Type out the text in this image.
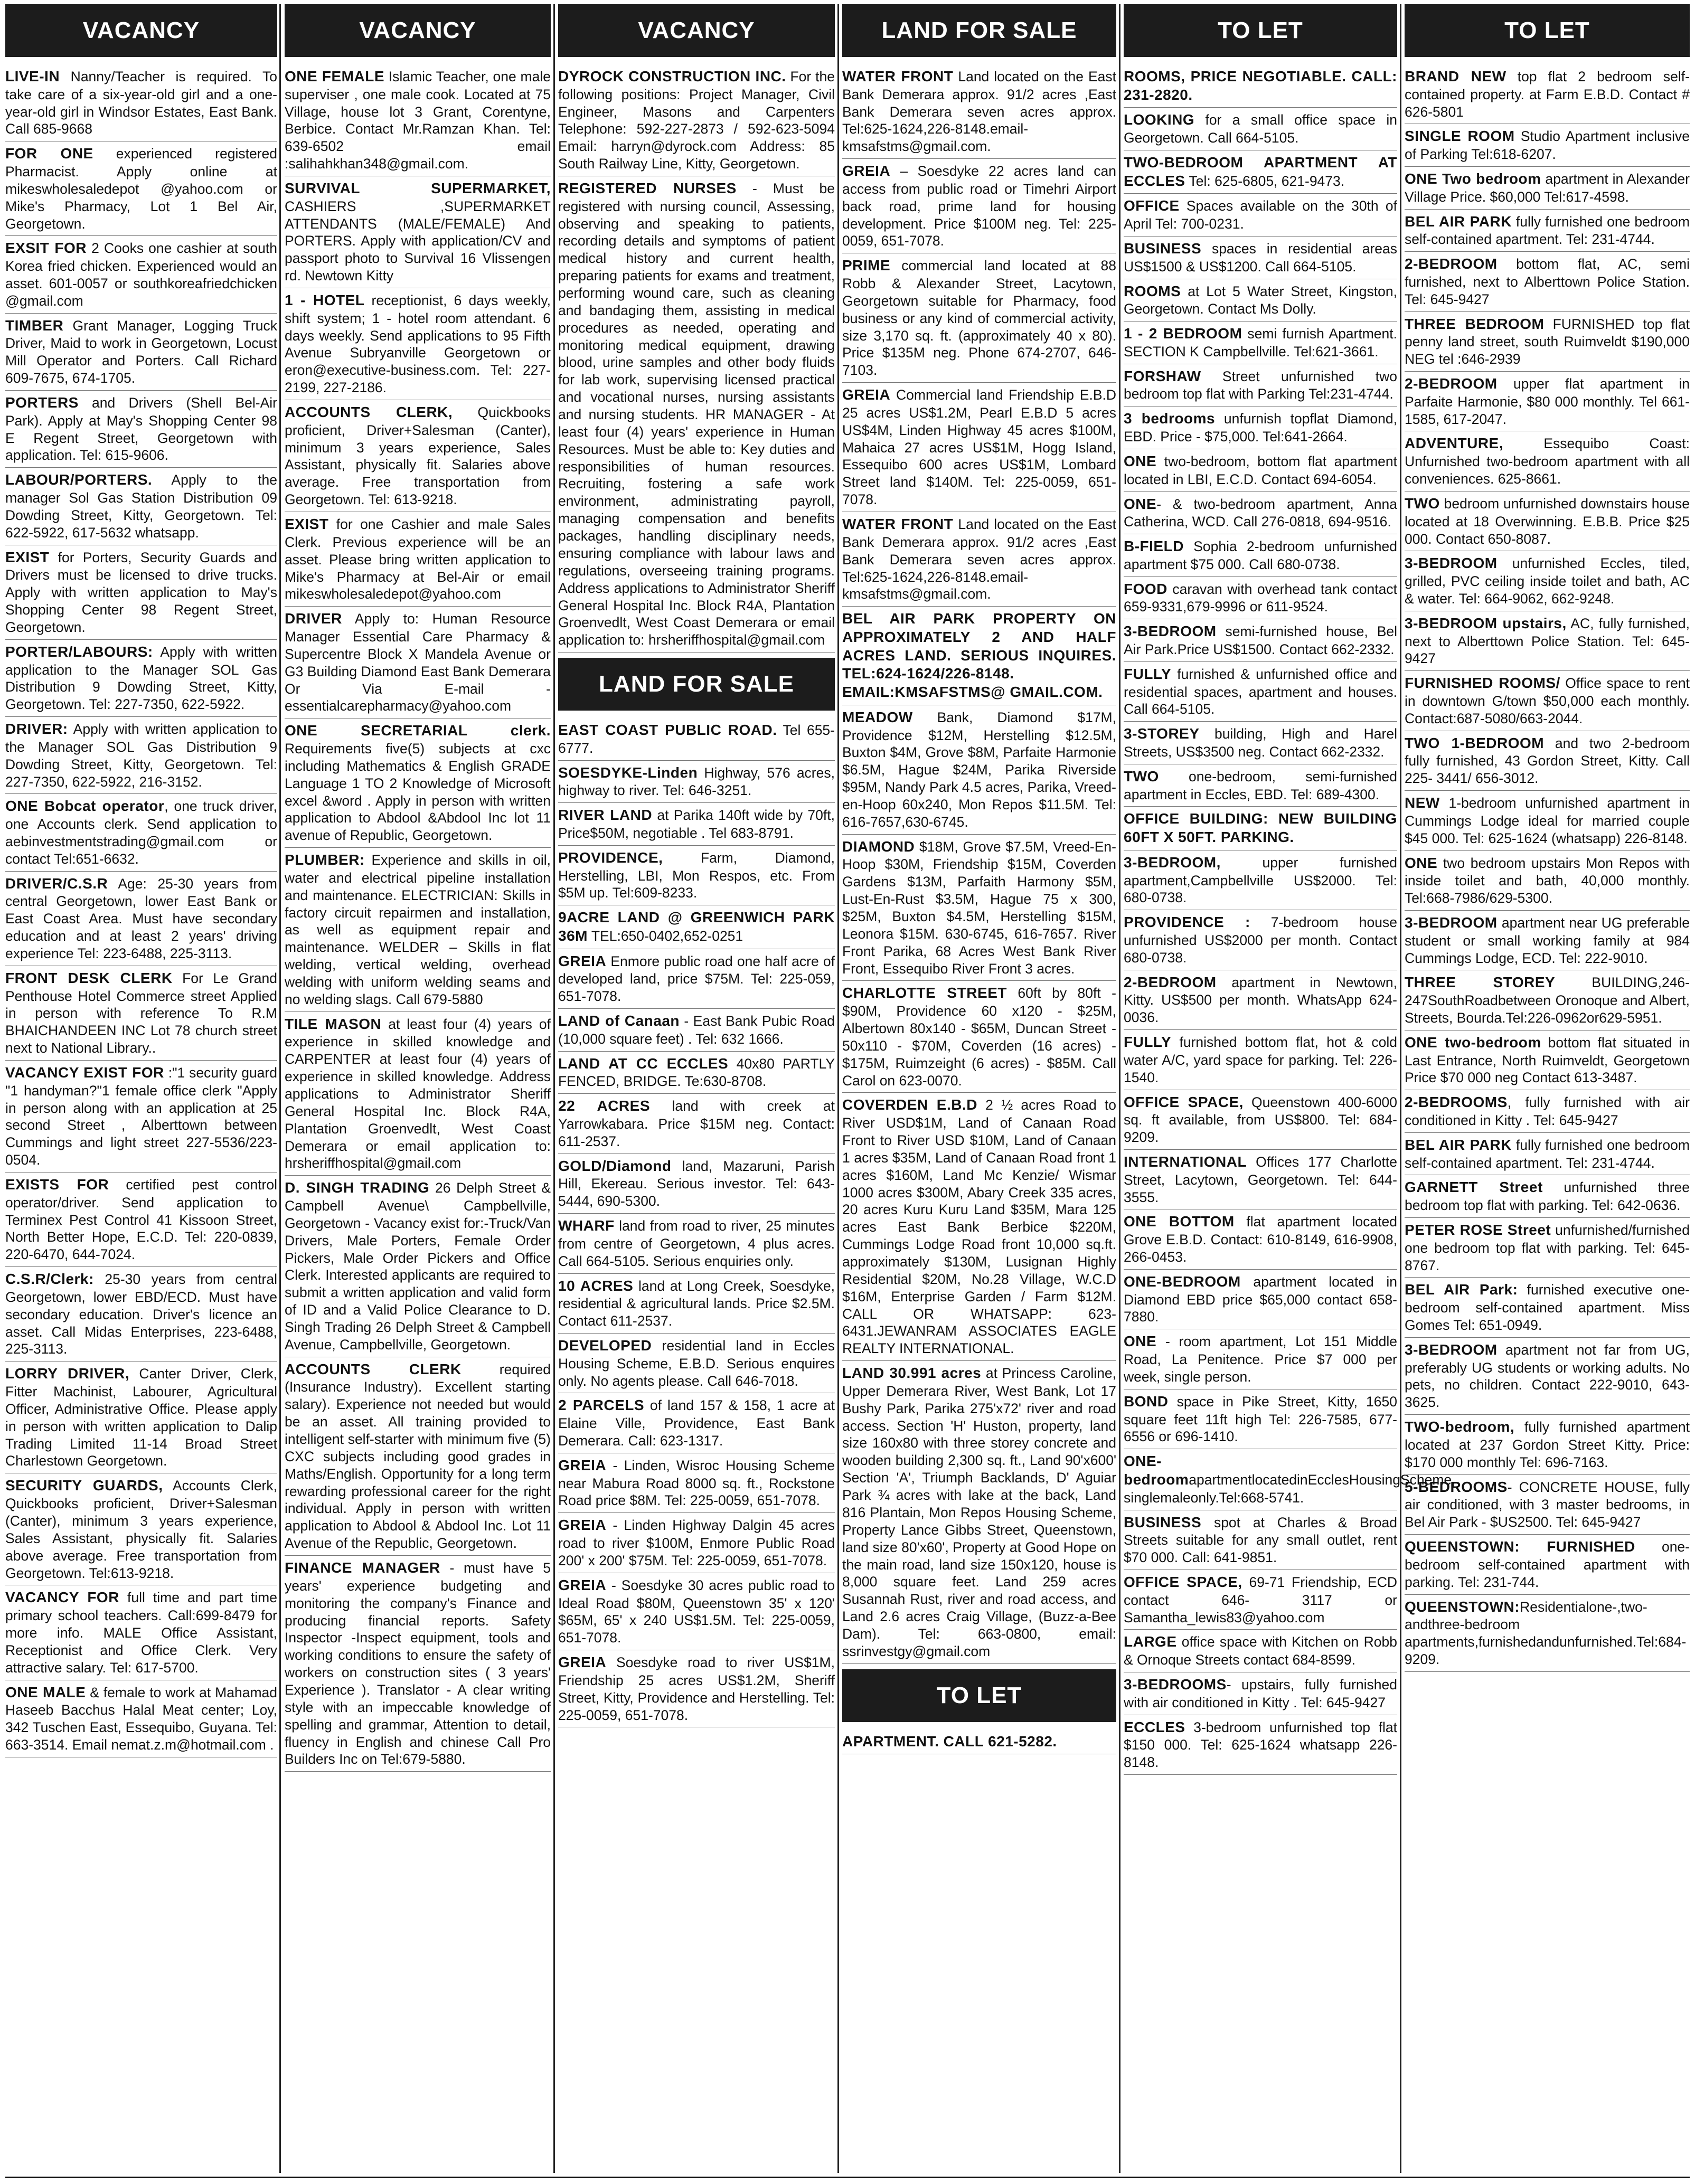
VACANCY

LIVE-IN Nanny/Teacher is required. To take care of a six-year-old girl and a one-year-old girl in Windsor Estates, East Bank. Call 685-9668

FOR ONE experienced registered Pharmacist. Apply online at mikeswholesaledepot @yahoo.com or Mike's Pharmacy, Lot 1 Bel Air, Georgetown.

EXSIT FOR 2 Cooks one cashier at south Korea fried chicken. Experienced would an asset. 601-0057 or southkoreafriedchicken @gmail.com

TIMBER Grant Manager, Logging Truck Driver, Maid to work in Georgetown, Locust Mill Operator and Porters. Call Richard 609-7675, 674-1705.

PORTERS and Drivers (Shell Bel-Air Park). Apply at May's Shopping Center 98 E Regent Street, Georgetown with application. Tel: 615-9606.

LABOUR/PORTERS. Apply to the manager Sol Gas Station Distribution 09 Dowding Street, Kitty, Georgetown. Tel: 622-5922, 617-5632 whatsapp.

EXIST for Porters, Security Guards and Drivers must be licensed to drive trucks. Apply with written application to May's Shopping Center 98 Regent Street, Georgetown.

PORTER/LABOURS: Apply with written application to the Manager SOL Gas Distribution 9 Dowding Street, Kitty, Georgetown. Tel: 227-7350, 622-5922.

DRIVER: Apply with written application to the Manager SOL Gas Distribution 9 Dowding Street, Kitty, Georgetown. Tel: 227-7350, 622-5922, 216-3152.

ONE Bobcat operator, one truck driver, one Accounts clerk. Send application to aebinvestmentstrading@gmail.com or contact Tel:651-6632.

DRIVER/C.S.R Age: 25-30 years from central Georgetown, lower East Bank or East Coast Area. Must have secondary education and at least 2 years' driving experience Tel: 223-6488, 225-3113.

FRONT DESK CLERK For Le Grand Penthouse Hotel Commerce street Applied in person with reference To R.M BHAICHANDEEN INC Lot 78 church street next to National Library..

VACANCY EXIST FOR :"1 security guard "1 handyman?"1 female office clerk "Apply in person along with an application at 25 second Street , Alberttown between Cummings and light street 227-5536/223-0504.

EXISTS FOR certified pest control operator/driver. Send application to Terminex Pest Control 41 Kissoon Street, North Better Hope, E.C.D. Tel: 220-0839, 220-6470, 644-7024.

C.S.R/Clerk: 25-30 years from central Georgetown, lower EBD/ECD. Must have secondary education. Driver's licence an asset. Call Midas Enterprises, 223-6488, 225-3113.

LORRY DRIVER, Canter Driver, Clerk, Fitter Machinist, Labourer, Agricultural Officer, Administrative Office. Please apply in person with written application to Dalip Trading Limited 11-14 Broad Street Charlestown Georgetown.

SECURITY GUARDS, Accounts Clerk, Quickbooks proficient, Driver+Salesman (Canter), minimum 3 years experience, Sales Assistant, physically fit. Salaries above average. Free transportation from Georgetown. Tel:613-9218.

VACANCY FOR full time and part time primary school teachers. Call:699-8479 for more info. MALE Office Assistant, Receptionist and Office Clerk. Very attractive salary. Tel: 617-5700.

ONE MALE & female to work at Mahamad Haseeb Bacchus Halal Meat center; Loy, 342 Tuschen East, Essequibo, Guyana. Tel: 663-3514. Email nemat.z.m@hotmail.com .

VACANCY

ONE FEMALE Islamic Teacher, one male superviser , one male cook. Located at 75 Village, house lot 3 Grant, Corentyne, Berbice. Contact Mr.Ramzan Khan. Tel: 639-6502 email :salihahkhan348@gmail.com.

SURVIVAL SUPERMARKET, CASHIERS ,SUPERMARKET ATTENDANTS (MALE/FEMALE) And PORTERS. Apply with application/CV and passport photo to Survival 16 Vlissengen rd. Newtown Kitty

1 - HOTEL receptionist, 6 days weekly, shift system; 1 - hotel room attendant. 6 days weekly. Send applications to 95 Fifth Avenue Subryanville Georgetown or eron@executive-business.com. Tel: 227-2199, 227-2186.

ACCOUNTS CLERK, Quickbooks proficient, Driver+Salesman (Canter), minimum 3 years experience, Sales Assistant, physically fit. Salaries above average. Free transportation from Georgetown. Tel: 613-9218.

EXIST for one Cashier and male Sales Clerk. Previous experience will be an asset. Please bring written application to Mike's Pharmacy at Bel-Air or email mikeswholesaledepot@yahoo.com

DRIVER Apply to: Human Resource Manager Essential Care Pharmacy & Supercentre Block X Mandela Avenue or G3 Building Diamond East Bank Demerara Or Via E-mail - essentialcarepharmacy@yahoo.com

ONE SECRETARIAL clerk. Requirements five(5) subjects at cxc including Mathematics & English GRADE Language 1 TO 2 Knowledge of Microsoft excel &word . Apply in person with written application to Abdool &Abdool Inc lot 11 avenue of Republic, Georgetown.

PLUMBER: Experience and skills in oil, water and electrical pipeline installation and maintenance. ELECTRICIAN: Skills in factory circuit repairmen and installation, as well as equipment repair and maintenance. WELDER – Skills in flat welding, vertical welding, overhead welding with uniform welding seams and no welding slags. Call 679-5880

TILE MASON at least four (4) years of experience in skilled knowledge and CARPENTER at least four (4) years of experience in skilled knowledge. Address applications to Administrator Sheriff General Hospital Inc. Block R4A, Plantation Groenvedlt, West Coast Demerara or email application to: hrsheriffhospital@gmail.com

D. SINGH TRADING 26 Delph Street & Campbell Avenue\ Campbellville, Georgetown - Vacancy exist for:-Truck/Van Drivers, Male Porters, Female Order Pickers, Male Order Pickers and Office Clerk. Interested applicants are required to submit a written application and valid form of ID and a Valid Police Clearance to D. Singh Trading 26 Delph Street & Campbell Avenue, Campbellville, Georgetown.

ACCOUNTS CLERK required (Insurance Industry). Excellent starting salary). Experience not needed but would be an asset. All training provided to intelligent self-starter with minimum five (5) CXC subjects including good grades in Maths/English. Opportunity for a long term rewarding professional career for the right individual. Apply in person with written application to Abdool & Abdool Inc. Lot 11 Avenue of the Republic, Georgetown.

FINANCE MANAGER - must have 5 years' experience budgeting and monitoring the company's Finance and producing financial reports. Safety Inspector -Inspect equipment, tools and working conditions to ensure the safety of workers on construction sites ( 3 years' Experience ). Translator - A clear writing style with an impeccable knowledge of spelling and grammar, Attention to detail, fluency in English and chinese Call Pro Builders Inc on Tel:679-5880.

VACANCY

DYROCK CONSTRUCTION INC. For the following positions: Project Manager, Civil Engineer, Masons and Carpenters Telephone: 592-227-2873 / 592-623-5094 Email: harryn@dyrock.com Address: 85 South Railway Line, Kitty, Georgetown.

REGISTERED NURSES - Must be registered with nursing council, Assessing, observing and speaking to patients, recording details and symptoms of patient medical history and current health, preparing patients for exams and treatment, performing wound care, such as cleaning and bandaging them, assisting in medical procedures as needed, operating and monitoring medical equipment, drawing blood, urine samples and other body fluids for lab work, supervising licensed practical and vocational nurses, nursing assistants and nursing students. HR MANAGER - At least four (4) years' experience in Human Resources. Must be able to: Key duties and responsibilities of human resources. Recruiting, fostering a safe work environment, administrating payroll, managing compensation and benefits packages, handling disciplinary needs, ensuring compliance with labour laws and regulations, overseeing training programs. Address applications to Administrator Sheriff General Hospital Inc. Block R4A, Plantation Groenvedlt, West Coast Demerara or email application to: hrsheriffhospital@gmail.com

LAND FOR SALE

EAST COAST PUBLIC ROAD. Tel 655-6777.

SOESDYKE-Linden Highway, 576 acres, highway to river. Tel: 646-3251.

RIVER LAND at Parika 140ft wide by 70ft, Price$50M, negotiable . Tel 683-8791.

PROVIDENCE, Farm, Diamond, Herstelling, LBI, Mon Respos, etc. From $5M up. Tel:609-8233.

9ACRE LAND @ GREENWICH PARK 36M TEL:650-0402,652-0251

GREIA Enmore public road one half acre of developed land, price $75M. Tel: 225-059, 651-7078.

LAND of Canaan - East Bank Pubic Road (10,000 square feet) . Tel: 632 1666.

LAND AT CC ECCLES 40x80 PARTLY FENCED, BRIDGE. Te:630-8708.

22 ACRES land with creek at Yarrowkabara. Price $15M neg. Contact: 611-2537.

GOLD/Diamond land, Mazaruni, Parish Hill, Ekereau. Serious investor. Tel: 643-5444, 690-5300.

WHARF land from road to river, 25 minutes from centre of Georgetown, 4 plus acres. Call 664-5105. Serious enquiries only.

10 ACRES land at Long Creek, Soesdyke, residential & agricultural lands. Price $2.5M. Contact 611-2537.

DEVELOPED residential land in Eccles Housing Scheme, E.B.D. Serious enquires only. No agents please. Call 646-7018.

2 PARCELS of land 157 & 158, 1 acre at Elaine Ville, Providence, East Bank Demerara. Call: 623-1317.

GREIA - Linden, Wisroc Housing Scheme near Mabura Road 8000 sq. ft., Rockstone Road price $8M. Tel: 225-0059, 651-7078.

GREIA - Linden Highway Dalgin 45 acres road to river $100M, Enmore Public Road 200' x 200' $75M. Tel: 225-0059, 651-7078.

GREIA - Soesdyke 30 acres public road to Ideal Road $80M, Queenstown 35' x 120' $65M, 65' x 240 US$1.5M. Tel: 225-0059, 651-7078.

GREIA Soesdyke road to river US$1M, Friendship 25 acres US$1.2M, Sheriff Street, Kitty, Providence and Herstelling. Tel: 225-0059, 651-7078.

LAND FOR SALE

WATER FRONT Land located on the East Bank Demerara approx. 91/2 acres ,East Bank Demerara seven acres approx. Tel:625-1624,226-8148.email-kmsafstms@gmail.com.

GREIA – Soesdyke 22 acres land can access from public road or Timehri Airport back road, prime land for housing development. Price $100M neg. Tel: 225-0059, 651-7078.

PRIME commercial land located at 88 Robb & Alexander Street, Lacytown, Georgetown suitable for Pharmacy, food business or any kind of commercial activity, size 3,170 sq. ft. (approximately 40 x 80). Price $135M neg. Phone 674-2707, 646-7103.

GREIA Commercial land Friendship E.B.D 25 acres US$1.2M, Pearl E.B.D 5 acres US$4M, Linden Highway 45 acres $100M, Mahaica 27 acres US$1M, Hogg Island, Essequibo 600 acres US$1M, Lombard Street land $140M. Tel: 225-0059, 651-7078.

WATER FRONT Land located on the East Bank Demerara approx. 91/2 acres ,East Bank Demerara seven acres approx. Tel:625-1624,226-8148.email-kmsafstms@gmail.com.

BEL AIR PARK PROPERTY ON APPROXIMATELY 2 AND HALF ACRES LAND. SERIOUS INQUIRES. TEL:624-1624/226-8148. EMAIL:KMSAFSTMS@ GMAIL.COM.

MEADOW Bank, Diamond $17M, Providence $12M, Herstelling $12.5M, Buxton $4M, Grove $8M, Parfaite Harmonie $6.5M, Hague $24M, Parika Riverside $95M, Nandy Park 4.5 acres, Parika, Vreed-en-Hoop 60x240, Mon Repos $11.5M. Tel: 616-7657,630-6745.

DIAMOND $18M, Grove $7.5M, Vreed-En-Hoop $30M, Friendship $15M, Coverden Gardens $13M, Parfaith Harmony $5M, Lust-En-Rust $3.5M, Hague 75 x 300, $25M, Buxton $4.5M, Herstelling $15M, Leonora $15M. 630-6745, 616-7657. River Front Parika, 68 Acres West Bank River Front, Essequibo River Front 3 acres.

CHARLOTTE STREET 60ft by 80ft - $90M, Providence 60 x120 - $25M, Albertown 80x140 - $65M, Duncan Street - 50x110 - $70M, Coverden (16 acres) - $175M, Ruimzeight (6 acres) - $85M. Call Carol on 623-0070.

COVERDEN E.B.D 2 ½ acres Road to River USD$1M, Land of Canaan Road Front to River USD $10M, Land of Canaan 1 acres $35M, Land of Canaan Road front 1 acres $160M, Land Mc Kenzie/ Wismar 1000 acres $300M, Abary Creek 335 acres, 20 acres Kuru Kuru Land $35M, Mara 125 acres East Bank Berbice $220M, Cummings Lodge Road front 10,000 sq.ft. approximately $130M, Lusignan Highly Residential $20M, No.28 Village, W.C.D $16M, Enterprise Garden / Farm $12M. CALL OR WHATSAPP: 623-6431.JEWANRAM ASSOCIATES EAGLE REALTY INTERNATIONAL.

LAND 30.991 acres at Princess Caroline, Upper Demerara River, West Bank, Lot 17 Bushy Park, Parika 275'x72' river and road access. Section 'H' Huston, property, land size 160x80 with three storey concrete and wooden building 2,300 sq. ft., Land 90'x600' Section 'A', Triumph Backlands, D' Aguiar Park ¾ acres with lake at the back, Land 816 Plantain, Mon Repos Housing Scheme, Property Lance Gibbs Street, Queenstown, land size 80'x60', Property at Good Hope on the main road, land size 150x120, house is 8,000 square feet. Land 259 acres Susannah Rust, river and road access, and Land 2.6 acres Craig Village, (Buzz-a-Bee Dam). Tel: 663-0800, email: ssrinvestgy@gmail.com

TO LET

APARTMENT. CALL 621-5282.

TO LET

ROOMS, PRICE NEGOTIABLE. CALL: 231-2820.

LOOKING for a small office space in Georgetown. Call 664-5105.

TWO-BEDROOM APARTMENT AT ECCLES Tel: 625-6805, 621-9473.

OFFICE Spaces available on the 30th of April Tel: 700-0231.

BUSINESS spaces in residential areas US$1500 & US$1200. Call 664-5105.

ROOMS at Lot 5 Water Street, Kingston, Georgetown. Contact Ms Dolly.

1 - 2 BEDROOM semi furnish Apartment. SECTION K Campbellville. Tel:621-3661.

FORSHAW Street unfurnished two bedroom top flat with Parking Tel:231-4744.

3 bedrooms unfurnish topflat Diamond, EBD. Price - $75,000. Tel:641-2664.

ONE two-bedroom, bottom flat apartment located in LBI, E.C.D. Contact 694-6054.

ONE- & two-bedroom apartment, Anna Catherina, WCD. Call 276-0818, 694-9516.

B-FIELD Sophia 2-bedroom unfurnished apartment $75 000. Call 680-0738.

FOOD caravan with overhead tank contact 659-9331,679-9996 or 611-9524.

3-BEDROOM semi-furnished house, Bel Air Park.Price US$1500. Contact 662-2332.

FULLY furnished & unfurnished office and residential spaces, apartment and houses. Call 664-5105.

3-STOREY building, High and Harel Streets, US$3500 neg. Contact 662-2332.

TWO one-bedroom, semi-furnished apartment in Eccles, EBD. Tel: 689-4300.

OFFICE BUILDING: NEW BUILDING 60FT X 50FT. PARKING.

3-BEDROOM, upper furnished apartment,Campbellville US$2000. Tel: 680-0738.

PROVIDENCE : 7-bedroom house unfurnished US$2000 per month. Contact 680-0738.

2-BEDROOM apartment in Newtown, Kitty. US$500 per month. WhatsApp 624-0036.

FULLY furnished bottom flat, hot & cold water A/C, yard space for parking. Tel: 226-1540.

OFFICE SPACE, Queenstown 400-6000 sq. ft available, from US$800. Tel: 684-9209.

INTERNATIONAL Offices 177 Charlotte Street, Lacytown, Georgetown. Tel: 644-3555.

ONE BOTTOM flat apartment located Grove E.B.D. Contact: 610-8149, 616-9908, 266-0453.

ONE-BEDROOM apartment located in Diamond EBD price $65,000 contact 658-7880.

ONE - room apartment, Lot 151 Middle Road, La Penitence. Price $7 000 per week, single person.

BOND space in Pike Street, Kitty, 1650 square feet 11ft high Tel: 226-7585, 677-6556 or 696-1410.

ONE-bedroomapartmentlocatedinEcclesHousingScheme, singlemaleonly.Tel:668-5741.

BUSINESS spot at Charles & Broad Streets suitable for any small outlet, rent $70 000. Call: 641-9851.

OFFICE SPACE, 69-71 Friendship, ECD contact 646- 3117 or Samantha_lewis83@yahoo.com

LARGE office space with Kitchen on Robb & Ornoque Streets contact 684-8599.

3-BEDROOMS- upstairs, fully furnished with air conditioned in Kitty . Tel: 645-9427

ECCLES 3-bedroom unfurnished top flat $150 000. Tel: 625-1624 whatsapp 226-8148.

TO LET

BRAND NEW top flat 2 bedroom self-contained property. at Farm E.B.D. Contact # 626-5801

SINGLE ROOM Studio Apartment inclusive of Parking Tel:618-6207.

ONE Two bedroom apartment in Alexander Village Price. $60,000 Tel:617-4598.

BEL AIR PARK fully furnished one bedroom self-contained apartment. Tel: 231-4744.

2-BEDROOM bottom flat, AC, semi furnished, next to Alberttown Police Station. Tel: 645-9427

THREE BEDROOM FURNISHED top flat penny land street, south Ruimveldt $190,000 NEG tel :646-2939

2-BEDROOM upper flat apartment in Parfaite Harmonie, $80 000 monthly. Tel 661-1585, 617-2047.

ADVENTURE, Essequibo Coast: Unfurnished two-bedroom apartment with all conveniences. 625-8661.

TWO bedroom unfurnished downstairs house located at 18 Overwinning. E.B.B. Price $25 000. Contact 650-8087.

3-BEDROOM unfurnished Eccles, tiled, grilled, PVC ceiling inside toilet and bath, AC & water. Tel: 664-9062, 662-9248.

3-BEDROOM upstairs, AC, fully furnished, next to Alberttown Police Station. Tel: 645-9427

FURNISHED ROOMS/ Office space to rent in downtown G/town $50,000 each monthly. Contact:687-5080/663-2044.

TWO 1-BEDROOM and two 2-bedroom fully furnished, 43 Gordon Street, Kitty. Call 225- 3441/ 656-3012.

NEW 1-bedroom unfurnished apartment in Cummings Lodge ideal for married couple $45 000. Tel: 625-1624 (whatsapp) 226-8148.

ONE two bedroom upstairs Mon Repos with inside toilet and bath, 40,000 monthly. Tel:668-7986/629-5300.

3-BEDROOM apartment near UG preferable student or small working family at 984 Cummings Lodge, ECD. Tel: 222-9010.

THREE STOREY BUILDING,246-247SouthRoadbetween Oronoque and Albert, Streets, Bourda.Tel:226-0962or629-5951.

ONE two-bedroom bottom flat situated in Last Entrance, North Ruimveldt, Georgetown Price $70 000 neg Contact 613-3487.

2-BEDROOMS, fully furnished with air conditioned in Kitty . Tel: 645-9427

BEL AIR PARK fully furnished one bedroom self-contained apartment. Tel: 231-4744.

GARNETT Street unfurnished three bedroom top flat with parking. Tel: 642-0636.

PETER ROSE Street unfurnished/furnished one bedroom top flat with parking. Tel: 645-8767.

BEL AIR Park: furnished executive one-bedroom self-contained apartment. Miss Gomes Tel: 651-0949.

3-BEDROOM apartment not far from UG, preferably UG students or working adults. No pets, no children. Contact 222-9010, 643-3625.

TWO-bedroom, fully furnished apartment located at 237 Gordon Street Kitty. Price: $170 000 monthly Tel: 696-7163.

5-BEDROOMS- CONCRETE HOUSE, fully air conditioned, with 3 master bedrooms, in Bel Air Park - $US2500. Tel: 645-9427

QUEENSTOWN: FURNISHED one-bedroom self-contained apartment with parking. Tel: 231-744.

QUEENSTOWN:Residentialone-,two-andthree-bedroom apartments,furnishedandunfurnished.Tel:684-9209.
